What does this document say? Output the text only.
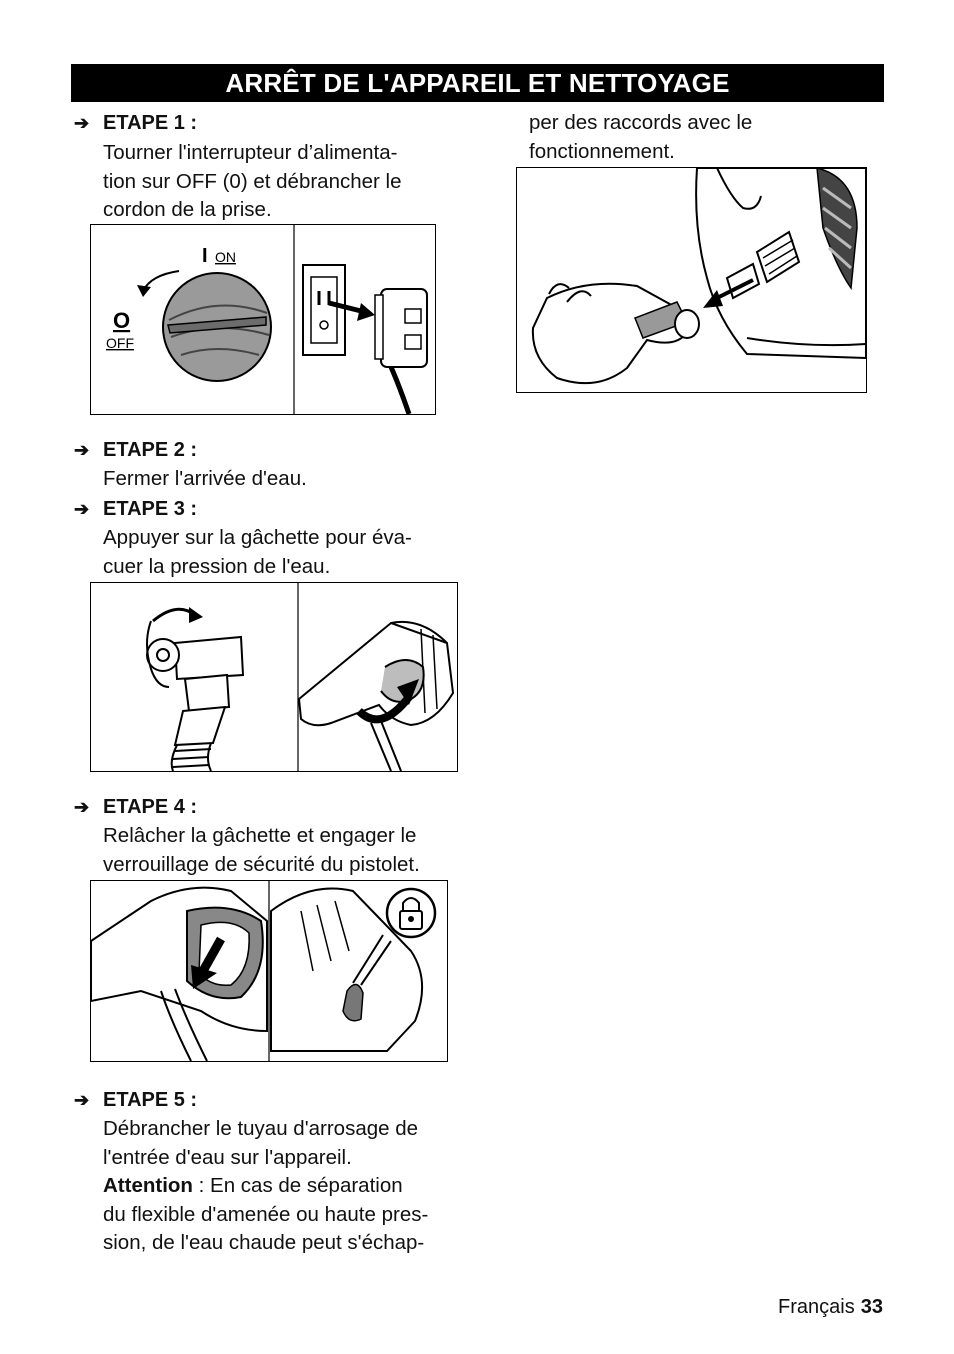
ARRÊT DE L'APPAREIL ET NETTOYAGE
➔ ETAPE 1 :
Tourner l'interrupteur d’alimenta-
tion sur OFF (0) et débrancher le
cordon de la prise.
I ON
O
OFF
➔ ETAPE 2 :
Fermer l'arrivée d'eau.
➔ ETAPE 3 :
Appuyer sur la gâchette pour éva-
cuer la pression de l'eau.
➔ ETAPE 4 :
Relâcher la gâchette et engager le
verrouillage de sécurité du pistolet.
➔ ETAPE 5 :
Débrancher le tuyau d'arrosage de
l'entrée d'eau sur l'appareil.
Attention : En cas de séparation
du flexible d'amenée ou haute pres-
sion, de l'eau chaude peut s'échap-
per des raccords avec le
fonctionnement.
Français 33
